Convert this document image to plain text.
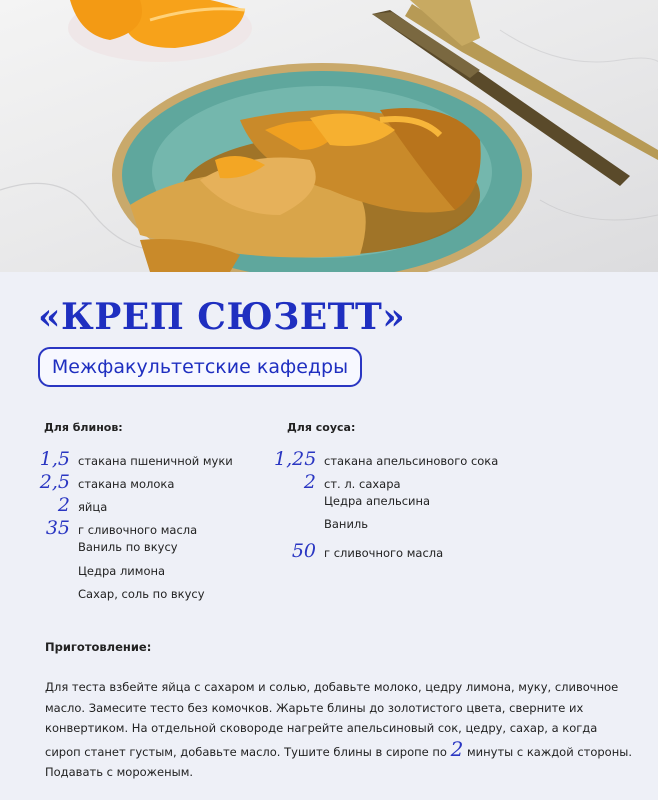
«КРЕП СЮЗЕТТ»
Межфакультетские кафедры
Для блинов:	Для соуса:
1,5 стакана пшеничной муки
2,5 стакана молока
2 яйца
35 г сливочного масла
Ваниль по вкусу
Цедра лимона
Сахар, соль по вкусу
1,25 стакана апельсинового сока
2 ст. л. сахара
Цедра апельсина
Ваниль
50 г сливочного масла
Приготовление:

Для теста взбейте яйца с сахаром и солью, добавьте молоко, цедру лимона, муку, сливочное масло. Замесите тесто без комочков. Жарьте блины до золотистого цвета, сверните их конвертиком. На отдельной сковороде нагрейте апельсиновый сок, цедру, сахар, а когда сироп станет густым, добавьте масло. Тушите блины в сиропе по 2 минуты с каждой стороны. Подавать с мороженым.
